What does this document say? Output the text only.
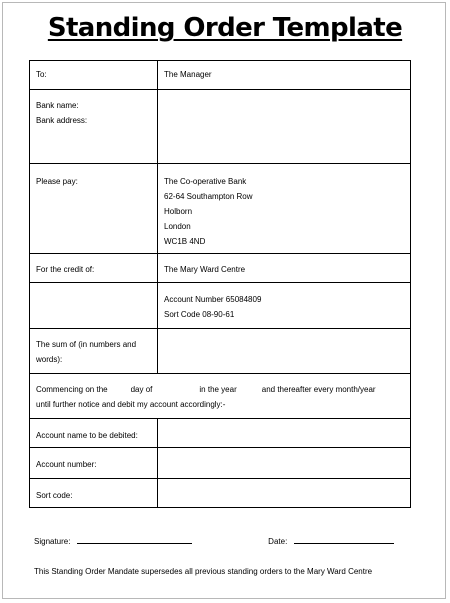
Standing Order Template
To:	The Manager

Bank name:
Bank address:	

Please pay:	The Co-operative Bank
62-64 Southampton Row
Holborn
London
WC1B 4ND

For the credit of:	The Mary Ward Centre

	Account Number 65084809
Sort Code 08-90-61

The sum of (in numbers and
words):	

Commencing on the day of in the year and thereafter every month/year
until further notice and debit my account accordingly:-	

Account name to be debited:	

Account number:	

Sort code:	

Signature:	Date:
This Standing Order Mandate supersedes all previous standing orders to the Mary Ward Centre
